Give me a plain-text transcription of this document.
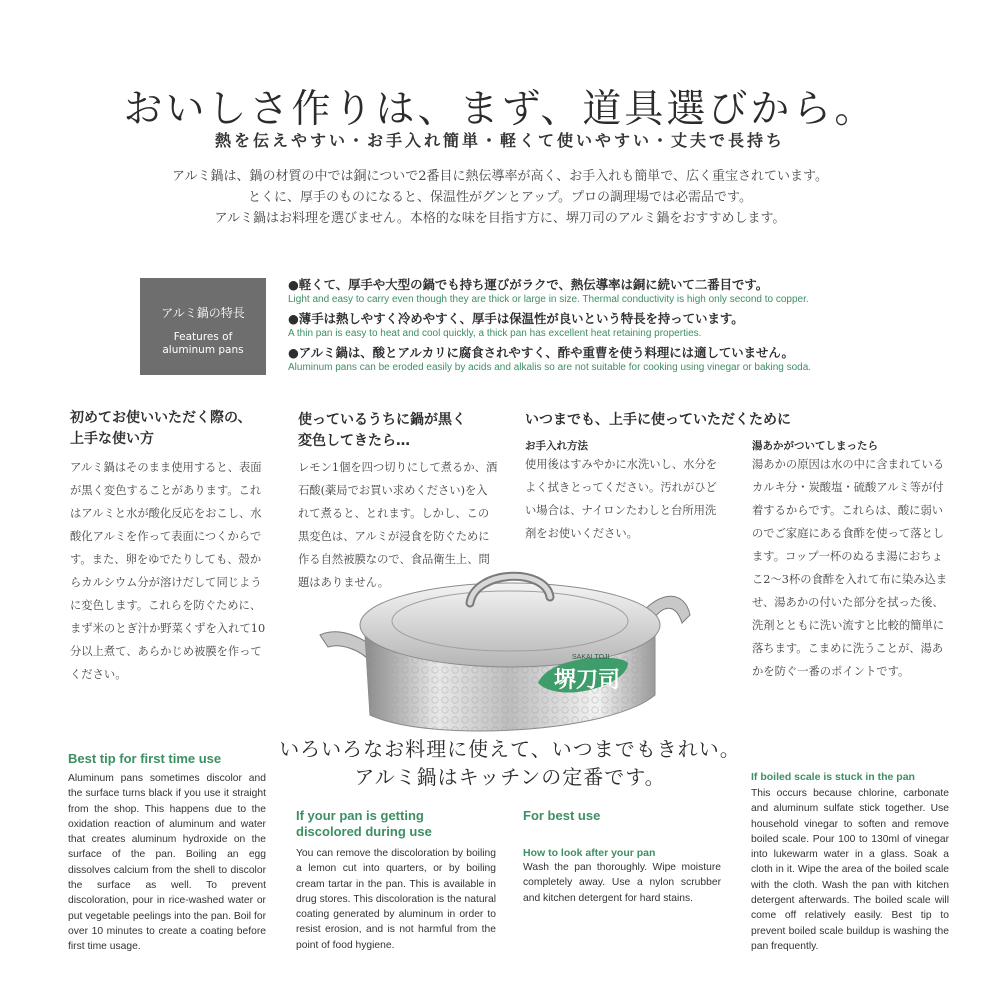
おいしさ作りは、まず、道具選びから。
熱を伝えやすい・お手入れ簡単・軽くて使いやすい・丈夫で長持ち

アルミ鍋は、鍋の材質の中では銅についで2番目に熱伝導率が高く、お手入れも簡単で、広く重宝されています。

とくに、厚手のものになると、保温性がグンとアップ。プロの調理場では必需品です。

アルミ鍋はお料理を選びません。本格的な味を目指す方に、堺刀司のアルミ鍋をおすすめします。

アルミ鍋の特長
Features of
aluminum pans
●軽くて、厚手や大型の鍋でも持ち運びがラクで、熱伝導率は銅に続いて二番目です。
Light and easy to carry even though they are thick or large in size. Thermal conductivity is high only second to copper.
●薄手は熱しやすく冷めやすく、厚手は保温性が良いという特長を持っています。
A thin pan is easy to heat and cool quickly, a thick pan has excellent heat retaining properties.
●アルミ鍋は、酸とアルカリに腐食されやすく、酢や重曹を使う料理には適していません。
Aluminum pans can be eroded easily by acids and alkalis so are not suitable for cooking using vinegar or baking soda.
初めてお使いいただく際の、
上手な使い方
アルミ鍋はそのまま使用すると、表面が黒く変色することがあります。これはアルミと水が酸化反応をおこし、水酸化アルミを作って表面につくからです。また、卵をゆでたりしても、殻からカルシウム分が溶けだして同じように変色します。これらを防ぐために、まず米のとぎ汁か野菜くずを入れて10分以上煮て、あらかじめ被膜を作ってください。
使っているうちに鍋が黒く
変色してきたら…
レモン1個を四つ切りにして煮るか、酒石酸(薬局でお買い求めください)を入れて煮ると、とれます。しかし、この黒変色は、アルミが浸食を防ぐために作る自然被膜なので、食品衛生上、問題はありません。
いつまでも、上手に使っていただくために
お手入れ方法
使用後はすみやかに水洗いし、水分をよく拭きとってください。汚れがひどい場合は、ナイロンたわしと台所用洗剤をお使いください。
湯あかがついてしまったら
湯あかの原因は水の中に含まれているカルキ分・炭酸塩・硫酸アルミ等が付着するからです。これらは、酸に弱いのでご家庭にある食酢を使って落とします。コップ一杯のぬるま湯におちょこ2〜3杯の食酢を入れて布に染み込ませ、湯あかの付いた部分を拭った後、洗剤とともに洗い流すと比較的簡単に落ちます。こまめに洗うことが、湯あかを防ぐ一番のポイントです。
SAKAI TOJI
堺刀司
いろいろなお料理に使えて、いつまでもきれい。
アルミ鍋はキッチンの定番です。
Best tip for first time use
Aluminum pans sometimes discolor and the surface turns black if you use it straight from the shop. This happens due to the oxidation reaction of aluminum and water that creates aluminum hydroxide on the surface of the pan. Boiling an egg dissolves calcium from the shell to discolor the surface as well. To prevent discoloration, pour in rice-washed water or put vegetable peelings into the pan. Boil for over 10 minutes to create a coating before first time usage.
If your pan is getting
discolored during use
You can remove the discoloration by boiling a lemon cut into quarters, or by boiling cream tartar in the pan. This is available in drug stores. This discoloration is the natural coating generated by aluminum in order to resist erosion, and is not harmful from the point of food hygiene.
For best use
How to look after your pan
Wash the pan thoroughly. Wipe moisture completely away. Use a nylon scrubber and kitchen detergent for hard stains.
If boiled scale is stuck in the pan
This occurs because chlorine, carbonate and aluminum sulfate stick together. Use household vinegar to soften and remove boiled scale. Pour 100 to 130ml of vinegar into lukewarm water in a glass. Soak a cloth in it. Wipe the area of the boiled scale with the cloth. Wash the pan with kitchen detergent afterwards. The boiled scale will come off relatively easily. Best tip to prevent boiled scale buildup is washing the pan frequently.
